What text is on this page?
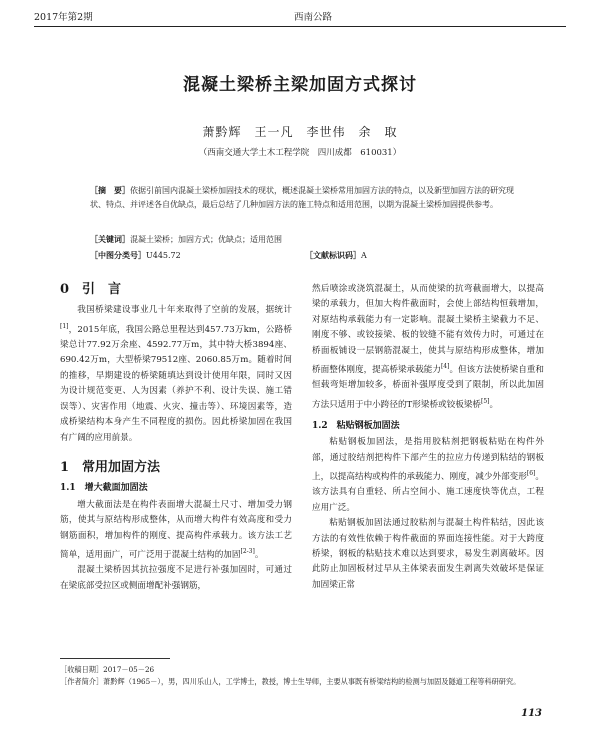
2017年第2期	西南公路
混凝土梁桥主梁加固方式探讨
萧黔辉　王一凡　李世伟　余　取
（西南交通大学土木工程学院　四川成都　610031）
［摘　要］依据引前国内混凝土梁桥加固技术的现状，概述混凝土梁桥常用加固方法的特点，以及新型加固方法的研究现状、特点、并评述各自优缺点，最后总结了几种加固方法的施工特点和适用范围，以期为混凝土梁桥加固提供参考。
［关键词］混凝土梁桥；加固方式；优缺点；适用范围
［中图分类号］U445.72	［文献标识码］A
0　引　言

我国桥梁建设事业几十年来取得了空前的发展，据统计[1]，2015年底，我国公路总里程达到457.73万km，公路桥梁总计77.92万余座、4592.77万m，其中特大桥3894座、690.42万m，大型桥梁79512座、2060.85万m。随着时间的推移，早期建设的桥梁随填达到设计使用年限，同时又因为设计规范变更、人为因素（养护不利、设计失误、施工错误等）、灾害作用（地震、火灾、撞击等）、环境因素等，造成桥梁结构本身产生不同程度的损伤。因此桥梁加固在我国有广阔的应用前景。

1　常用加固方法
1.1　增大截面加固法

增大截面法是在构件表面增大混凝土尺寸、增加受力钢筋，使其与原结构形成整体，从而增大构件有效高度和受力钢筋面积，增加构件的刚度、提高构件承载力。该方法工艺简单，适用面广，可广泛用于混凝土结构的加固[2-3]。

混凝土梁桥因其抗拉强度不足进行补强加固时，可通过在梁底部受拉区或侧面增配补强钢筋，

然后喷涂或浇筑混凝土，从而使梁的抗弯截面增大，以提高梁的承载力，但加大构件截面时，会使上部结构恒载增加，对原结构承载能力有一定影响。混凝土梁桥主梁截力不足、刚度不够、或铰接梁、板的铰缝不能有效传力时，可通过在桥面板铺设一层钢筋混凝土，使其与原结构形成整体，增加桥面整体刚度，提高桥梁承载能力[4]。但该方法使桥梁自重和恒载弯矩增加较多，桥面补强厚度受到了限制，所以此加固方法只适用于中小跨径的T形梁桥或铰板梁桥[5]。

1.2　粘贴钢板加固法

粘贴钢板加固法，是指用胶粘剂把钢板粘贴在构件外部，通过胶结剂把构件下部产生的拉应力传递到粘结的钢板上，以提高结构或构件的承载能力、刚度，减少外部变形[6]。该方法具有自重轻、所占空间小、施工速度快等优点，工程应用广泛。

粘贴钢板加固法通过胶粘剂与混凝土构件粘结，因此该方法的有效性依赖于构件截面的界面连接性能。对于大跨度桥梁，钢板的粘贴技术难以达到要求，易发生剥离破坏。因此防止加固板材过早从主体梁表面发生剥离失效破坏是保证加固梁正常

［收稿日期］2017－05－26
［作者简介］萧黔辉（1965－），男，四川乐山人，工学博士，教授，博士生导师，主要从事既有桥梁结构的检测与加固及隧道工程等科研研究。
113
